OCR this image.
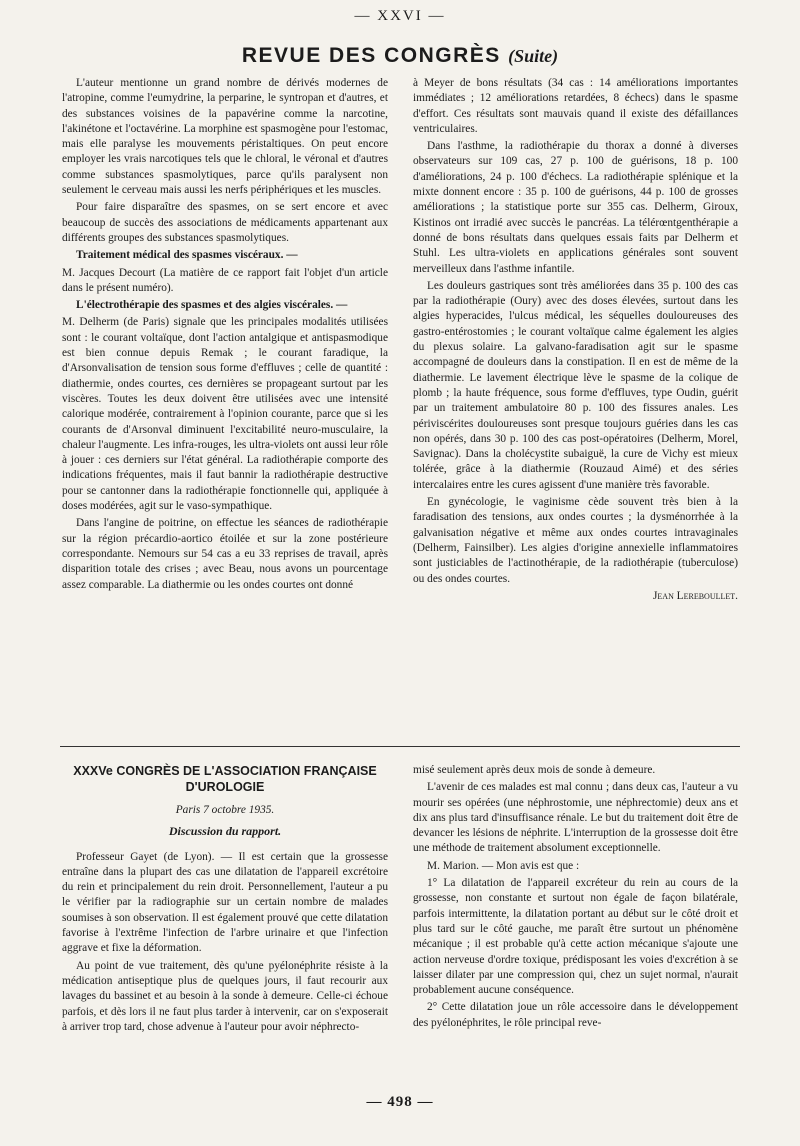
— XXVI —
REVUE DES CONGRÈS (Suite)

L'auteur mentionne un grand nombre de dérivés modernes de l'atropine, comme l'eumydrine, la perparine, le syntropan et d'autres, et des substances voisines de la papavérine comme la narcotine, l'akinétone et l'octavérine. La morphine est spasmogène pour l'estomac, mais elle paralyse les mouvements péristaltiques. On peut encore employer les vrais narcotiques tels que le chloral, le véronal et d'autres comme substances spasmolytiques, parce qu'ils paralysent non seulement le cerveau mais aussi les nerfs périphériques et les muscles.

Pour faire disparaître des spasmes, on se sert encore et avec beaucoup de succès des associations de médicaments appartenant aux différents groupes des substances spasmolytiques.

Traitement médical des spasmes viscéraux. —

M. Jacques Decourt (La matière de ce rapport fait l'objet d'un article dans le présent numéro).

L'électrothérapie des spasmes et des algies viscérales. —

M. Delherm (de Paris) signale que les principales modalités utilisées sont : le courant voltaïque, dont l'action antalgique et antispasmodique est bien connue depuis Remak ; le courant faradique, la d'Arsonvalisation de tension sous forme d'effluves ; celle de quantité : diathermie, ondes courtes, ces dernières se propageant surtout par les viscères. Toutes les deux doivent être utilisées avec une intensité calorique modérée, contrairement à l'opinion courante, parce que si les courants de d'Arsonval diminuent l'excitabilité neuro-musculaire, la chaleur l'augmente. Les infra-rouges, les ultra-violets ont aussi leur rôle à jouer : ces derniers sur l'état général. La radiothérapie comporte des indications fréquentes, mais il faut bannir la radiothérapie destructive pour se cantonner dans la radiothérapie fonctionnelle qui, appliquée à doses modérées, agit sur le vaso-sympathique.

Dans l'angine de poitrine, on effectue les séances de radiothérapie sur la région précardio-aortico étoilée et sur la zone postérieure correspondante. Nemours sur 54 cas a eu 33 reprises de travail, après disparition totale des crises ; avec Beau, nous avons un pourcentage assez comparable. La diathermie ou les ondes courtes ont donné

à Meyer de bons résultats (34 cas : 14 améliorations importantes immédiates ; 12 améliorations retardées, 8 échecs) dans le spasme d'effort. Ces résultats sont mauvais quand il existe des défaillances ventriculaires.

Dans l'asthme, la radiothérapie du thorax a donné à diverses observateurs sur 109 cas, 27 p. 100 de guérisons, 18 p. 100 d'améliorations, 24 p. 100 d'échecs. La radiothérapie splénique et la mixte donnent encore : 35 p. 100 de guérisons, 44 p. 100 de grosses améliorations ; la statistique porte sur 355 cas. Delherm, Giroux, Kistinos ont irradié avec succès le pancréas. La télérœntgenthérapie a donné de bons résultats dans quelques essais faits par Delherm et Stuhl. Les ultra-violets en applications générales sont souvent merveilleux dans l'asthme infantile.

Les douleurs gastriques sont très améliorées dans 35 p. 100 des cas par la radiothérapie (Oury) avec des doses élevées, surtout dans les algies hyperacides, l'ulcus médical, les séquelles douloureuses des gastro-entérostomies ; le courant voltaïque calme également les algies du plexus solaire. La galvano-faradisation agit sur le spasme accompagné de douleurs dans la constipation. Il en est de même de la diathermie. Le lavement électrique lève le spasme de la colique de plomb ; la haute fréquence, sous forme d'effluves, type Oudin, guérit par un traitement ambulatoire 80 p. 100 des fissures anales. Les périviscérites douloureuses sont presque toujours guéries dans les cas non opérés, dans 30 p. 100 des cas post-opératoires (Delherm, Morel, Savignac). Dans la cholécystite subaiguë, la cure de Vichy est mieux tolérée, grâce à la diathermie (Rouzaud Aimé) et des séries intercalaires entre les cures agissent d'une manière très favorable.

En gynécologie, le vaginisme cède souvent très bien à la faradisation des tensions, aux ondes courtes ; la dysménorrhée à la galvanisation négative et même aux ondes courtes intravaginales (Delherm, Fainsilber). Les algies d'origine annexielle inflammatoires sont justiciables de l'actinothérapie, de la radiothérapie (tuberculose) ou des ondes courtes.

Jean Lereboullet.

XXXVe CONGRÈS DE L'ASSOCIATION FRANÇAISE D'UROLOGIE
Paris 7 octobre 1935.
Discussion du rapport.

Professeur Gayet (de Lyon). — Il est certain que la grossesse entraîne dans la plupart des cas une dilatation de l'appareil excrétoire du rein et principalement du rein droit. Personnellement, l'auteur a pu le vérifier par la radiographie sur un certain nombre de malades soumises à son observation. Il est également prouvé que cette dilatation favorise à l'extrême l'infection de l'arbre urinaire et que l'infection aggrave et fixe la déformation.

Au point de vue traitement, dès qu'une pyélonéphrite résiste à la médication antiseptique plus de quelques jours, il faut recourir aux lavages du bassinet et au besoin à la sonde à demeure. Celle-ci échoue parfois, et dès lors il ne faut plus tarder à intervenir, car on s'exposerait à arriver trop tard, chose advenue à l'auteur pour avoir néphrecto-

misé seulement après deux mois de sonde à demeure.

L'avenir de ces malades est mal connu ; dans deux cas, l'auteur a vu mourir ses opérées (une néphrostomie, une néphrectomie) deux ans et dix ans plus tard d'insuffisance rénale. Le but du traitement doit être de devancer les lésions de néphrite. L'interruption de la grossesse doit être une méthode de traitement absolument exceptionnelle.

M. Marion. — Mon avis est que :

1° La dilatation de l'appareil excréteur du rein au cours de la grossesse, non constante et surtout non égale de façon bilatérale, parfois intermittente, la dilatation portant au début sur le côté droit et plus tard sur le côté gauche, me paraît être surtout un phénomène mécanique ; il est probable qu'à cette action mécanique s'ajoute une action nerveuse d'ordre toxique, prédisposant les voies d'excrétion à se laisser dilater par une compression qui, chez un sujet normal, n'aurait probablement aucune conséquence.

2° Cette dilatation joue un rôle accessoire dans le développement des pyélonéphrites, le rôle principal reve-

— 498 —
